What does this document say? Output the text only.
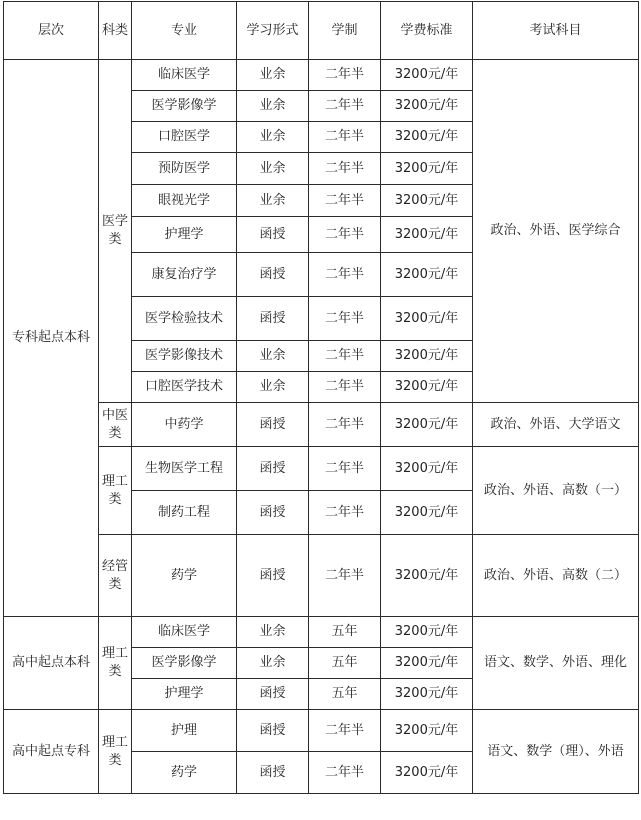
层次	科类	专业	学习形式	学制	学费标准	考试科目
专科起点本科	医学类	临床医学	业余	二年半	3200元/年	政治、外语、医学综合
		医学影像学	业余	二年半	3200元/年	
		口腔医学	业余	二年半	3200元/年	
		预防医学	业余	二年半	3200元/年	
		眼视光学	业余	二年半	3200元/年	
		护理学	函授	二年半	3200元/年	
		康复治疗学	函授	二年半	3200元/年	
		医学检验技术	函授	二年半	3200元/年	
		医学影像技术	业余	二年半	3200元/年	
		口腔医学技术	业余	二年半	3200元/年	
	中医类	中药学	函授	二年半	3200元/年	政治、外语、大学语文
	理工类	生物医学工程	函授	二年半	3200元/年	政治、外语、高数（一）
		制药工程	函授	二年半	3200元/年	
	经管类	药学	函授	二年半	3200元/年	政治、外语、高数（二）
高中起点本科	理工类	临床医学	业余	五年	3200元/年	语文、数学、外语、理化
		医学影像学	业余	五年	3200元/年	
		护理学	函授	五年	3200元/年	
高中起点专科	理工类	护理	函授	二年半	3200元/年	语文、数学（理）、外语
		药学	函授	二年半	3200元/年	
